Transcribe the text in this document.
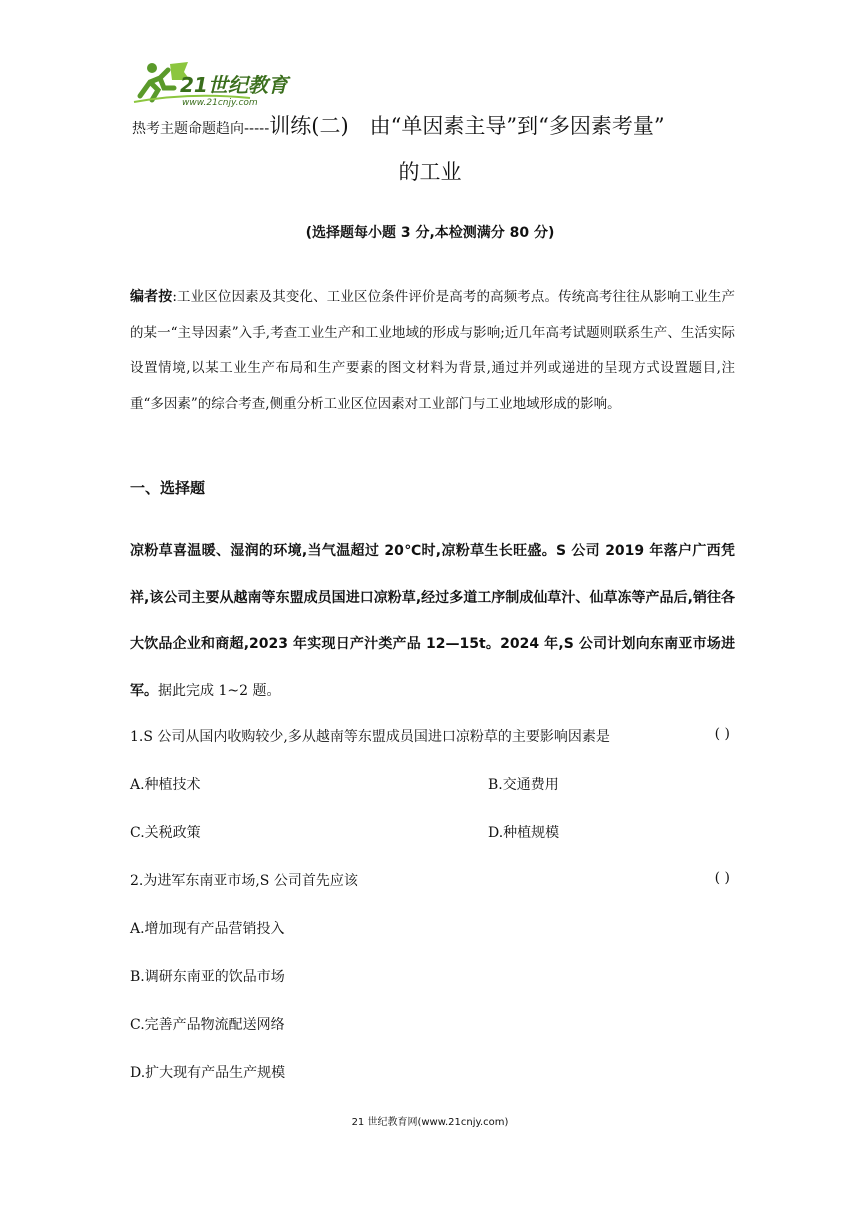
21世纪教育
www.21cnjy.com
热考主题命题趋向-----训练(二)　由“单因素主导”到“多因素考量”
的工业
(选择题每小题 3 分,本检测满分 80 分)
编者按:工业区位因素及其变化、工业区位条件评价是高考的高频考点。传统高考往往从影响工业生产的某一“主导因素”入手,考查工业生产和工业地域的形成与影响;近几年高考试题则联系生产、生活实际设置情境,以某工业生产布局和生产要素的图文材料为背景,通过并列或递进的呈现方式设置题目,注重“多因素”的综合考查,侧重分析工业区位因素对工业部门与工业地域形成的影响。
一、选择题
凉粉草喜温暖、湿润的环境,当气温超过 20℃时,凉粉草生长旺盛。S 公司 2019 年落户广西凭祥,该公司主要从越南等东盟成员国进口凉粉草,经过多道工序制成仙草汁、仙草冻等产品后,销往各大饮品企业和商超,2023 年实现日产汁类产品 12—15t。2024 年,S 公司计划向东南亚市场进军。据此完成 1~2 题。
1.S 公司从国内收购较少,多从越南等东盟成员国进口凉粉草的主要影响因素是	( )
A.种植技术	B.交通费用
C.关税政策	D.种植规模
2.为进军东南亚市场,S 公司首先应该	( )
A.增加现有产品营销投入
B.调研东南亚的饮品市场
C.完善产品物流配送网络
D.扩大现有产品生产规模
21 世纪教育网(www.21cnjy.com)
